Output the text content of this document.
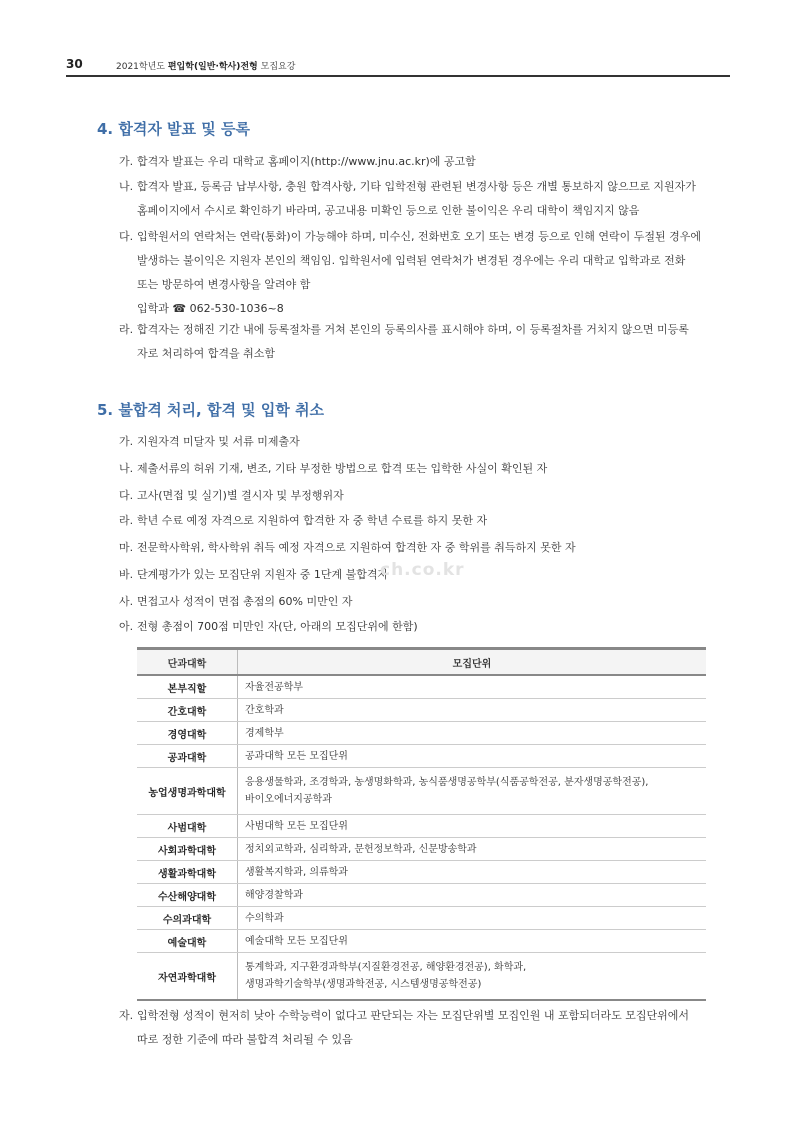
30	2021학년도 편입학(일반·학사)전형 모집요강
4. 합격자 발표 및 등록
가. 합격자 발표는 우리 대학교 홈페이지(http://www.jnu.ac.kr)에 공고함
나. 합격자 발표, 등록금 납부사항, 충원 합격사항, 기타 입학전형 관련된 변경사항 등은 개별 통보하지 않으므로 지원자가
홈페이지에서 수시로 확인하기 바라며, 공고내용 미확인 등으로 인한 불이익은 우리 대학이 책임지지 않음
다. 입학원서의 연락처는 연락(통화)이 가능해야 하며, 미수신, 전화번호 오기 또는 변경 등으로 인해 연락이 두절된 경우에
발생하는 불이익은 지원자 본인의 책임임. 입학원서에 입력된 연락처가 변경된 경우에는 우리 대학교 입학과로 전화
또는 방문하여 변경사항을 알려야 함
입학과 ☎ 062-530-1036~8
라. 합격자는 정해진 기간 내에 등록절차를 거쳐 본인의 등록의사를 표시해야 하며, 이 등록절차를 거치지 않으면 미등록
자로 처리하여 합격을 취소함
5. 불합격 처리, 합격 및 입학 취소
가. 지원자격 미달자 및 서류 미제출자
나. 제출서류의 허위 기재, 변조, 기타 부정한 방법으로 합격 또는 입학한 사실이 확인된 자
다. 고사(면접 및 실기)별 결시자 및 부정행위자
라. 학년 수료 예정 자격으로 지원하여 합격한 자 중 학년 수료를 하지 못한 자
마. 전문학사학위, 학사학위 취득 예정 자격으로 지원하여 합격한 자 중 학위를 취득하지 못한 자
바. 단계평가가 있는 모집단위 지원자 중 1단계 불합격자
사. 면접고사 성적이 면접 총점의 60% 미만인 자
아. 전형 총점이 700점 미만인 자(단, 아래의 모집단위에 한함)
단과대학	모집단위
본부직할	자율전공학부
간호대학	간호학과
경영대학	경제학부
공과대학	공과대학 모든 모집단위
농업생명과학대학	응용생물학과, 조경학과, 농생명화학과, 농식품생명공학부(식품공학전공, 분자생명공학전공),
바이오에너지공학과

사범대학	사범대학 모든 모집단위
사회과학대학	정치외교학과, 심리학과, 문헌정보학과, 신문방송학과
생활과학대학	생활복지학과, 의류학과
수산해양대학	해양경찰학과
수의과대학	수의학과
예술대학	예술대학 모든 모집단위
자연과학대학	통계학과, 지구환경과학부(지질환경전공, 해양환경전공), 화학과,
생명과학기술학부(생명과학전공, 시스템생명공학전공)
자. 입학전형 성적이 현저히 낮아 수학능력이 없다고 판단되는 자는 모집단위별 모집인원 내 포함되더라도 모집단위에서
따로 정한 기준에 따라 불합격 처리될 수 있음
ch.co.kr
